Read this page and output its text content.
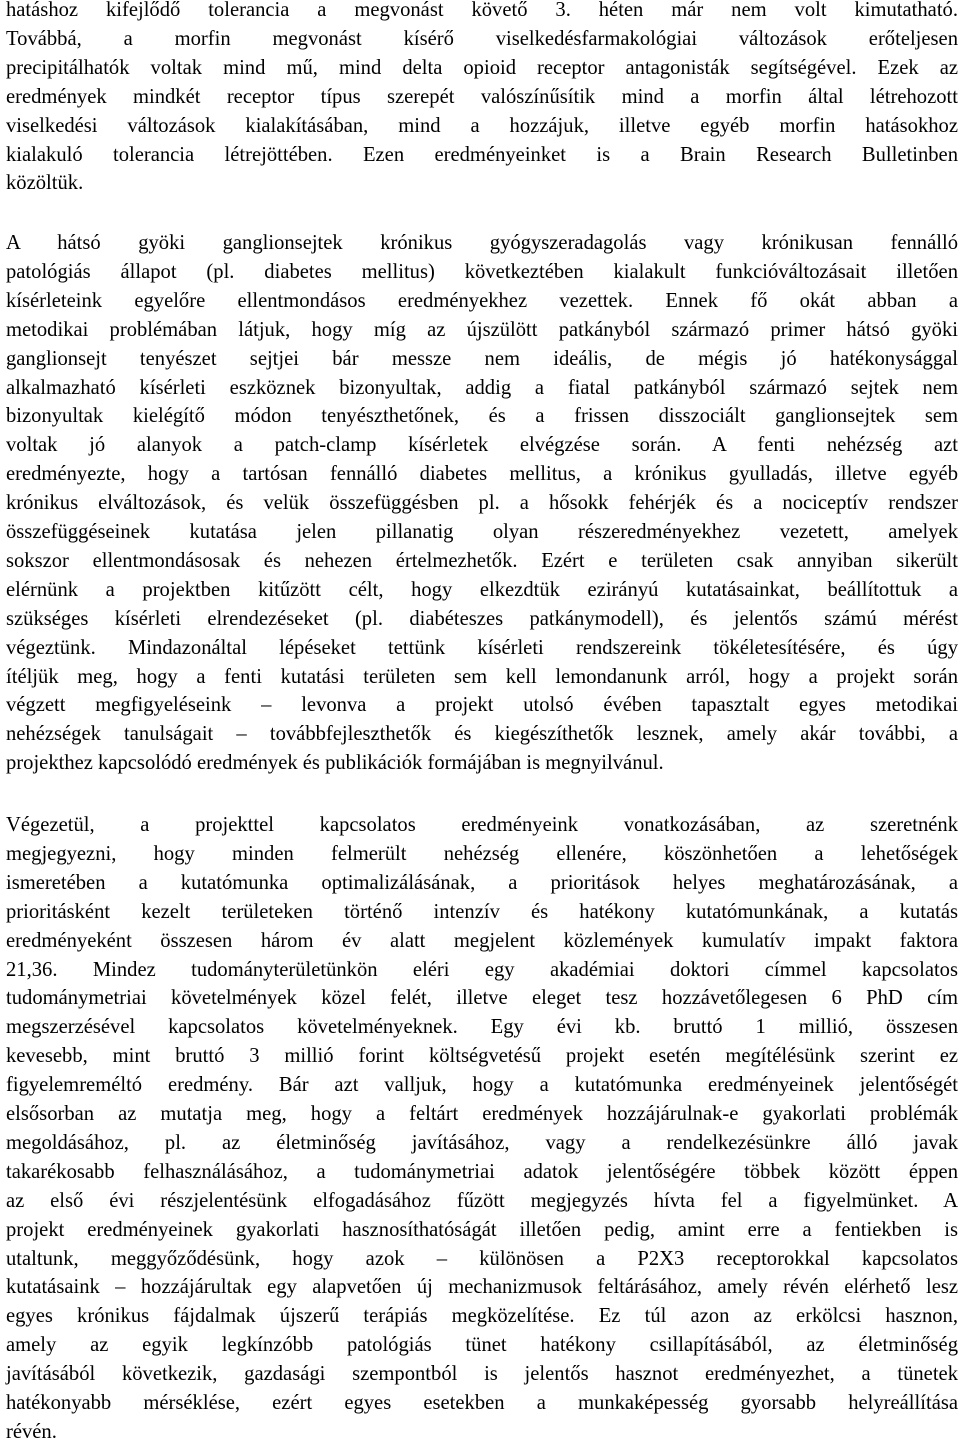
hatáshoz kifejlődő tolerancia a megvonást követő 3. héten már nem volt kimutatható.
Továbbá, a morfin megvonást kísérő viselkedésfarmakológiai változások erőteljesen
precipitálhatók voltak mind mű, mind delta opioid receptor antagonisták segítségével. Ezek az
eredmények mindkét receptor típus szerepét valószínűsítik mind a morfin által létrehozott
viselkedési változások kialakításában, mind a hozzájuk, illetve egyéb morfin hatásokhoz
kialakuló tolerancia létrejöttében. Ezen eredményeinket is a Brain Research Bulletinben
közöltük.
A hátsó gyöki ganglionsejtek krónikus gyógyszeradagolás vagy krónikusan fennálló
patológiás állapot (pl. diabetes mellitus) következtében kialakult funkcióváltozásait illetően
kísérleteink egyelőre ellentmondásos eredményekhez vezettek. Ennek fő okát abban a
metodikai problémában látjuk, hogy míg az újszülött patkányból származó primer hátsó gyöki
ganglionsejt tenyészet sejtjei bár messze nem ideális, de mégis jó hatékonysággal
alkalmazható kísérleti eszköznek bizonyultak, addig a fiatal patkányból származó sejtek nem
bizonyultak kielégítő módon tenyészthetőnek, és a frissen disszociált ganglionsejtek sem
voltak jó alanyok a patch-clamp kísérletek elvégzése során. A fenti nehézség azt
eredményezte, hogy a tartósan fennálló diabetes mellitus, a krónikus gyulladás, illetve egyéb
krónikus elváltozások, és velük összefüggésben pl. a hősokk fehérjék és a nociceptív rendszer
összefüggéseinek kutatása jelen pillanatig olyan részeredményekhez vezetett, amelyek
sokszor ellentmondásosak és nehezen értelmezhetők. Ezért e területen csak annyiban sikerült
elérnünk a projektben kitűzött célt, hogy elkezdtük ezirányú kutatásainkat, beállítottuk a
szükséges kísérleti elrendezéseket (pl. diabéteszes patkánymodell), és jelentős számú mérést
végeztünk. Mindazonáltal lépéseket tettünk kísérleti rendszereink tökéletesítésére, és úgy
ítéljük meg, hogy a fenti kutatási területen sem kell lemondanunk arról, hogy a projekt során
végzett megfigyeléseink – levonva a projekt utolsó évében tapasztalt egyes metodikai
nehézségek tanulságait – továbbfejleszthetők és kiegészíthetők lesznek, amely akár további, a
projekthez kapcsolódó eredmények és publikációk formájában is megnyilvánul.
Végezetül, a projekttel kapcsolatos eredményeink vonatkozásában, az szeretnénk
megjegyezni, hogy minden felmerült nehézség ellenére, köszönhetően a lehetőségek
ismeretében a kutatómunka optimalizálásának, a prioritások helyes meghatározásának, a
prioritásként kezelt területeken történő intenzív és hatékony kutatómunkának, a kutatás
eredményeként összesen három év alatt megjelent közlemények kumulatív impakt faktora
21,36. Mindez tudományterületünkön eléri egy akadémiai doktori címmel kapcsolatos
tudománymetriai követelmények közel felét, illetve eleget tesz hozzávetőlegesen 6 PhD cím
megszerzésével kapcsolatos követelményeknek. Egy évi kb. bruttó 1 millió, összesen
kevesebb, mint bruttó 3 millió forint költségvetésű projekt esetén megítélésünk szerint ez
figyelemreméltó eredmény. Bár azt valljuk, hogy a kutatómunka eredményeinek jelentőségét
elsősorban az mutatja meg, hogy a feltárt eredmények hozzájárulnak-e gyakorlati problémák
megoldásához, pl. az életminőség javításához, vagy a rendelkezésünkre álló javak
takarékosabb felhasználásához, a tudománymetriai adatok jelentőségére többek között éppen
az első évi részjelentésünk elfogadásához fűzött megjegyzés hívta fel a figyelmünket. A
projekt eredményeinek gyakorlati hasznosíthatóságát illetően pedig, amint erre a fentiekben is
utaltunk, meggyőződésünk, hogy azok – különösen a P2X3 receptorokkal kapcsolatos
kutatásaink – hozzájárultak egy alapvetően új mechanizmusok feltárásához, amely révén elérhető lesz
egyes krónikus fájdalmak újszerű terápiás megközelítése. Ez túl azon az erkölcsi hasznon,
amely az egyik legkínzóbb patológiás tünet hatékony csillapításából, az életminőség
javításából következik, gazdasági szempontból is jelentős hasznot eredményezhet, a tünetek
hatékonyabb mérséklése, ezért egyes esetekben a munkaképesség gyorsabb helyreállítása
révén.
